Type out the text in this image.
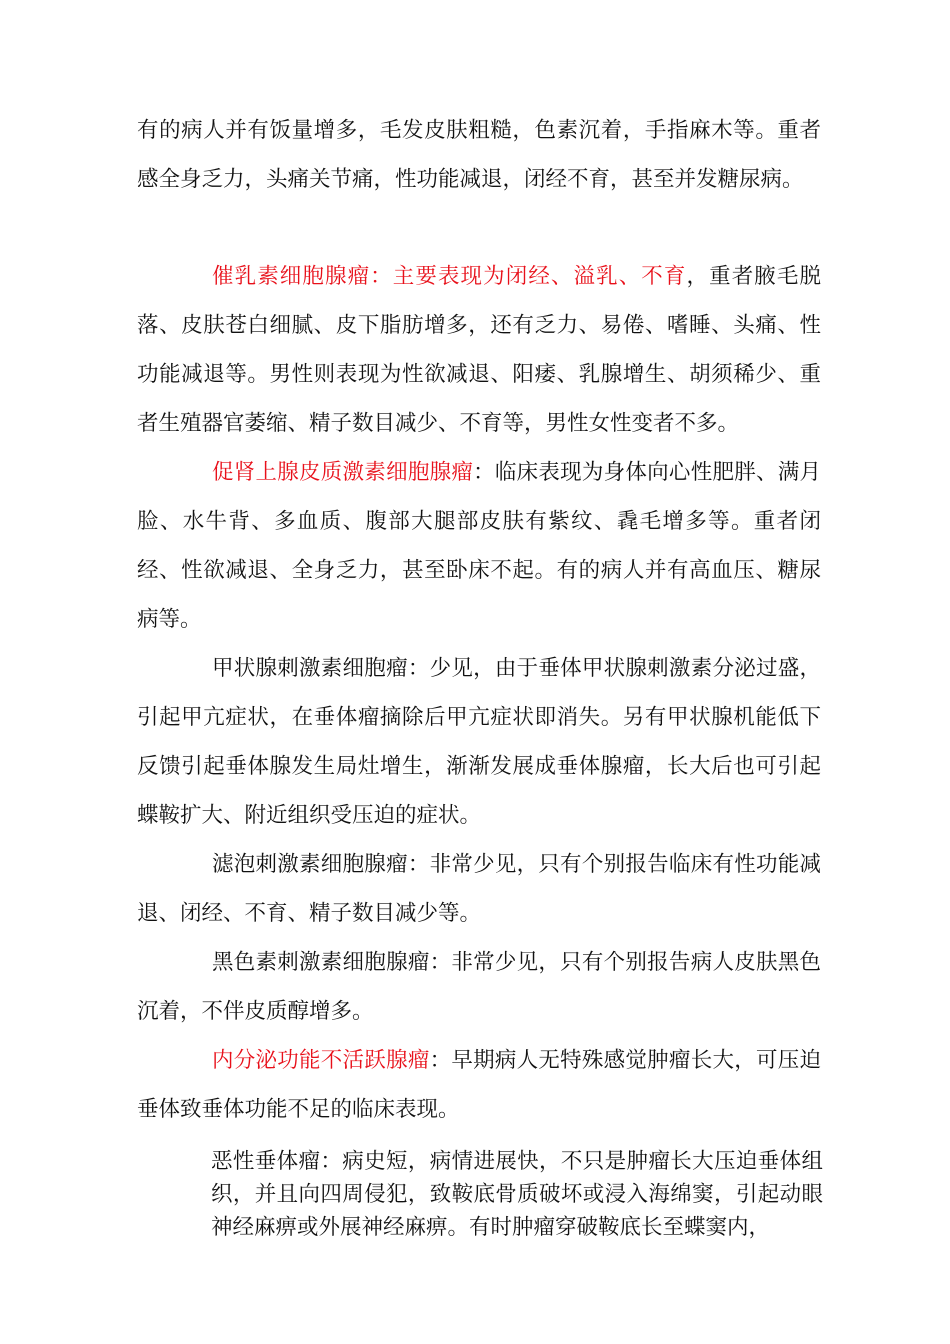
有的病人并有饭量增多，毛发皮肤粗糙，色素沉着，手指麻木等。重者感全身乏力，头痛关节痛，性功能减退，闭经不育，甚至并发糖尿病。

催乳素细胞腺瘤：主要表现为闭经、溢乳、不育，重者腋毛脱落、皮肤苍白细腻、皮下脂肪增多，还有乏力、易倦、嗜睡、头痛、性功能减退等。男性则表现为性欲减退、阳痿、乳腺增生、胡须稀少、重者生殖器官萎缩、精子数目减少、不育等，男性女性变者不多。

促肾上腺皮质激素细胞腺瘤：临床表现为身体向心性肥胖、满月脸、水牛背、多血质、腹部大腿部皮肤有紫纹、毳毛增多等。重者闭经、性欲减退、全身乏力，甚至卧床不起。有的病人并有高血压、糖尿病等。

甲状腺刺激素细胞瘤：少见，由于垂体甲状腺刺激素分泌过盛，引起甲亢症状，在垂体瘤摘除后甲亢症状即消失。另有甲状腺机能低下反馈引起垂体腺发生局灶增生，渐渐发展成垂体腺瘤，长大后也可引起蝶鞍扩大、附近组织受压迫的症状。

滤泡刺激素细胞腺瘤：非常少见，只有个别报告临床有性功能减退、闭经、不育、精子数目减少等。

黑色素刺激素细胞腺瘤：非常少见，只有个别报告病人皮肤黑色沉着，不伴皮质醇增多。

内分泌功能不活跃腺瘤：早期病人无特殊感觉肿瘤长大，可压迫垂体致垂体功能不足的临床表现。

恶性垂体瘤：病史短，病情进展快，不只是肿瘤长大压迫垂体组织，并且向四周侵犯，致鞍底骨质破坏或浸入海绵窦，引起动眼神经麻痹或外展神经麻痹。有时肿瘤穿破鞍底长至蝶窦内，
